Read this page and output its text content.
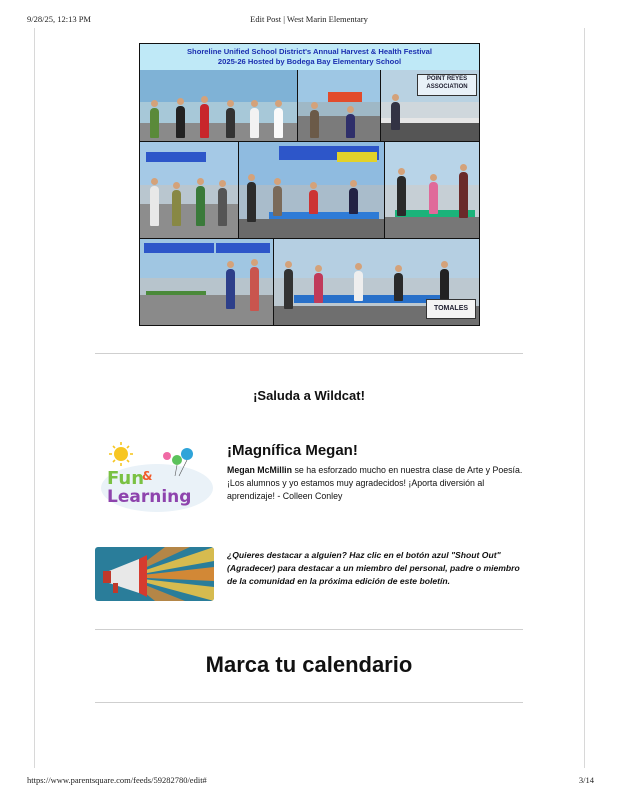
9/28/25, 12:13 PM	Edit Post | West Marin Elementary
Shoreline Unified School District's Annual Harvest & Health Festival
2025-26 Hosted by Bodega Bay Elementary School
POINT REYES
ASSOCIATION
TOMALES
¡Saluda a Wildcat!
Fun
&
Learning
¡Magnífica Megan!
Megan McMillin se ha esforzado mucho en nuestra clase de Arte y Poesía. ¡Los alumnos y yo estamos muy agradecidos! ¡Aporta diversión al aprendizaje! - Colleen Conley
¿Quieres destacar a alguien? Haz clic en el botón azul "Shout Out" (Agradecer) para destacar a un miembro del personal, padre o miembro de la comunidad en la próxima edición de este boletín.
Marca tu calendario
https://www.parentsquare.com/feeds/59282780/edit#	3/14
